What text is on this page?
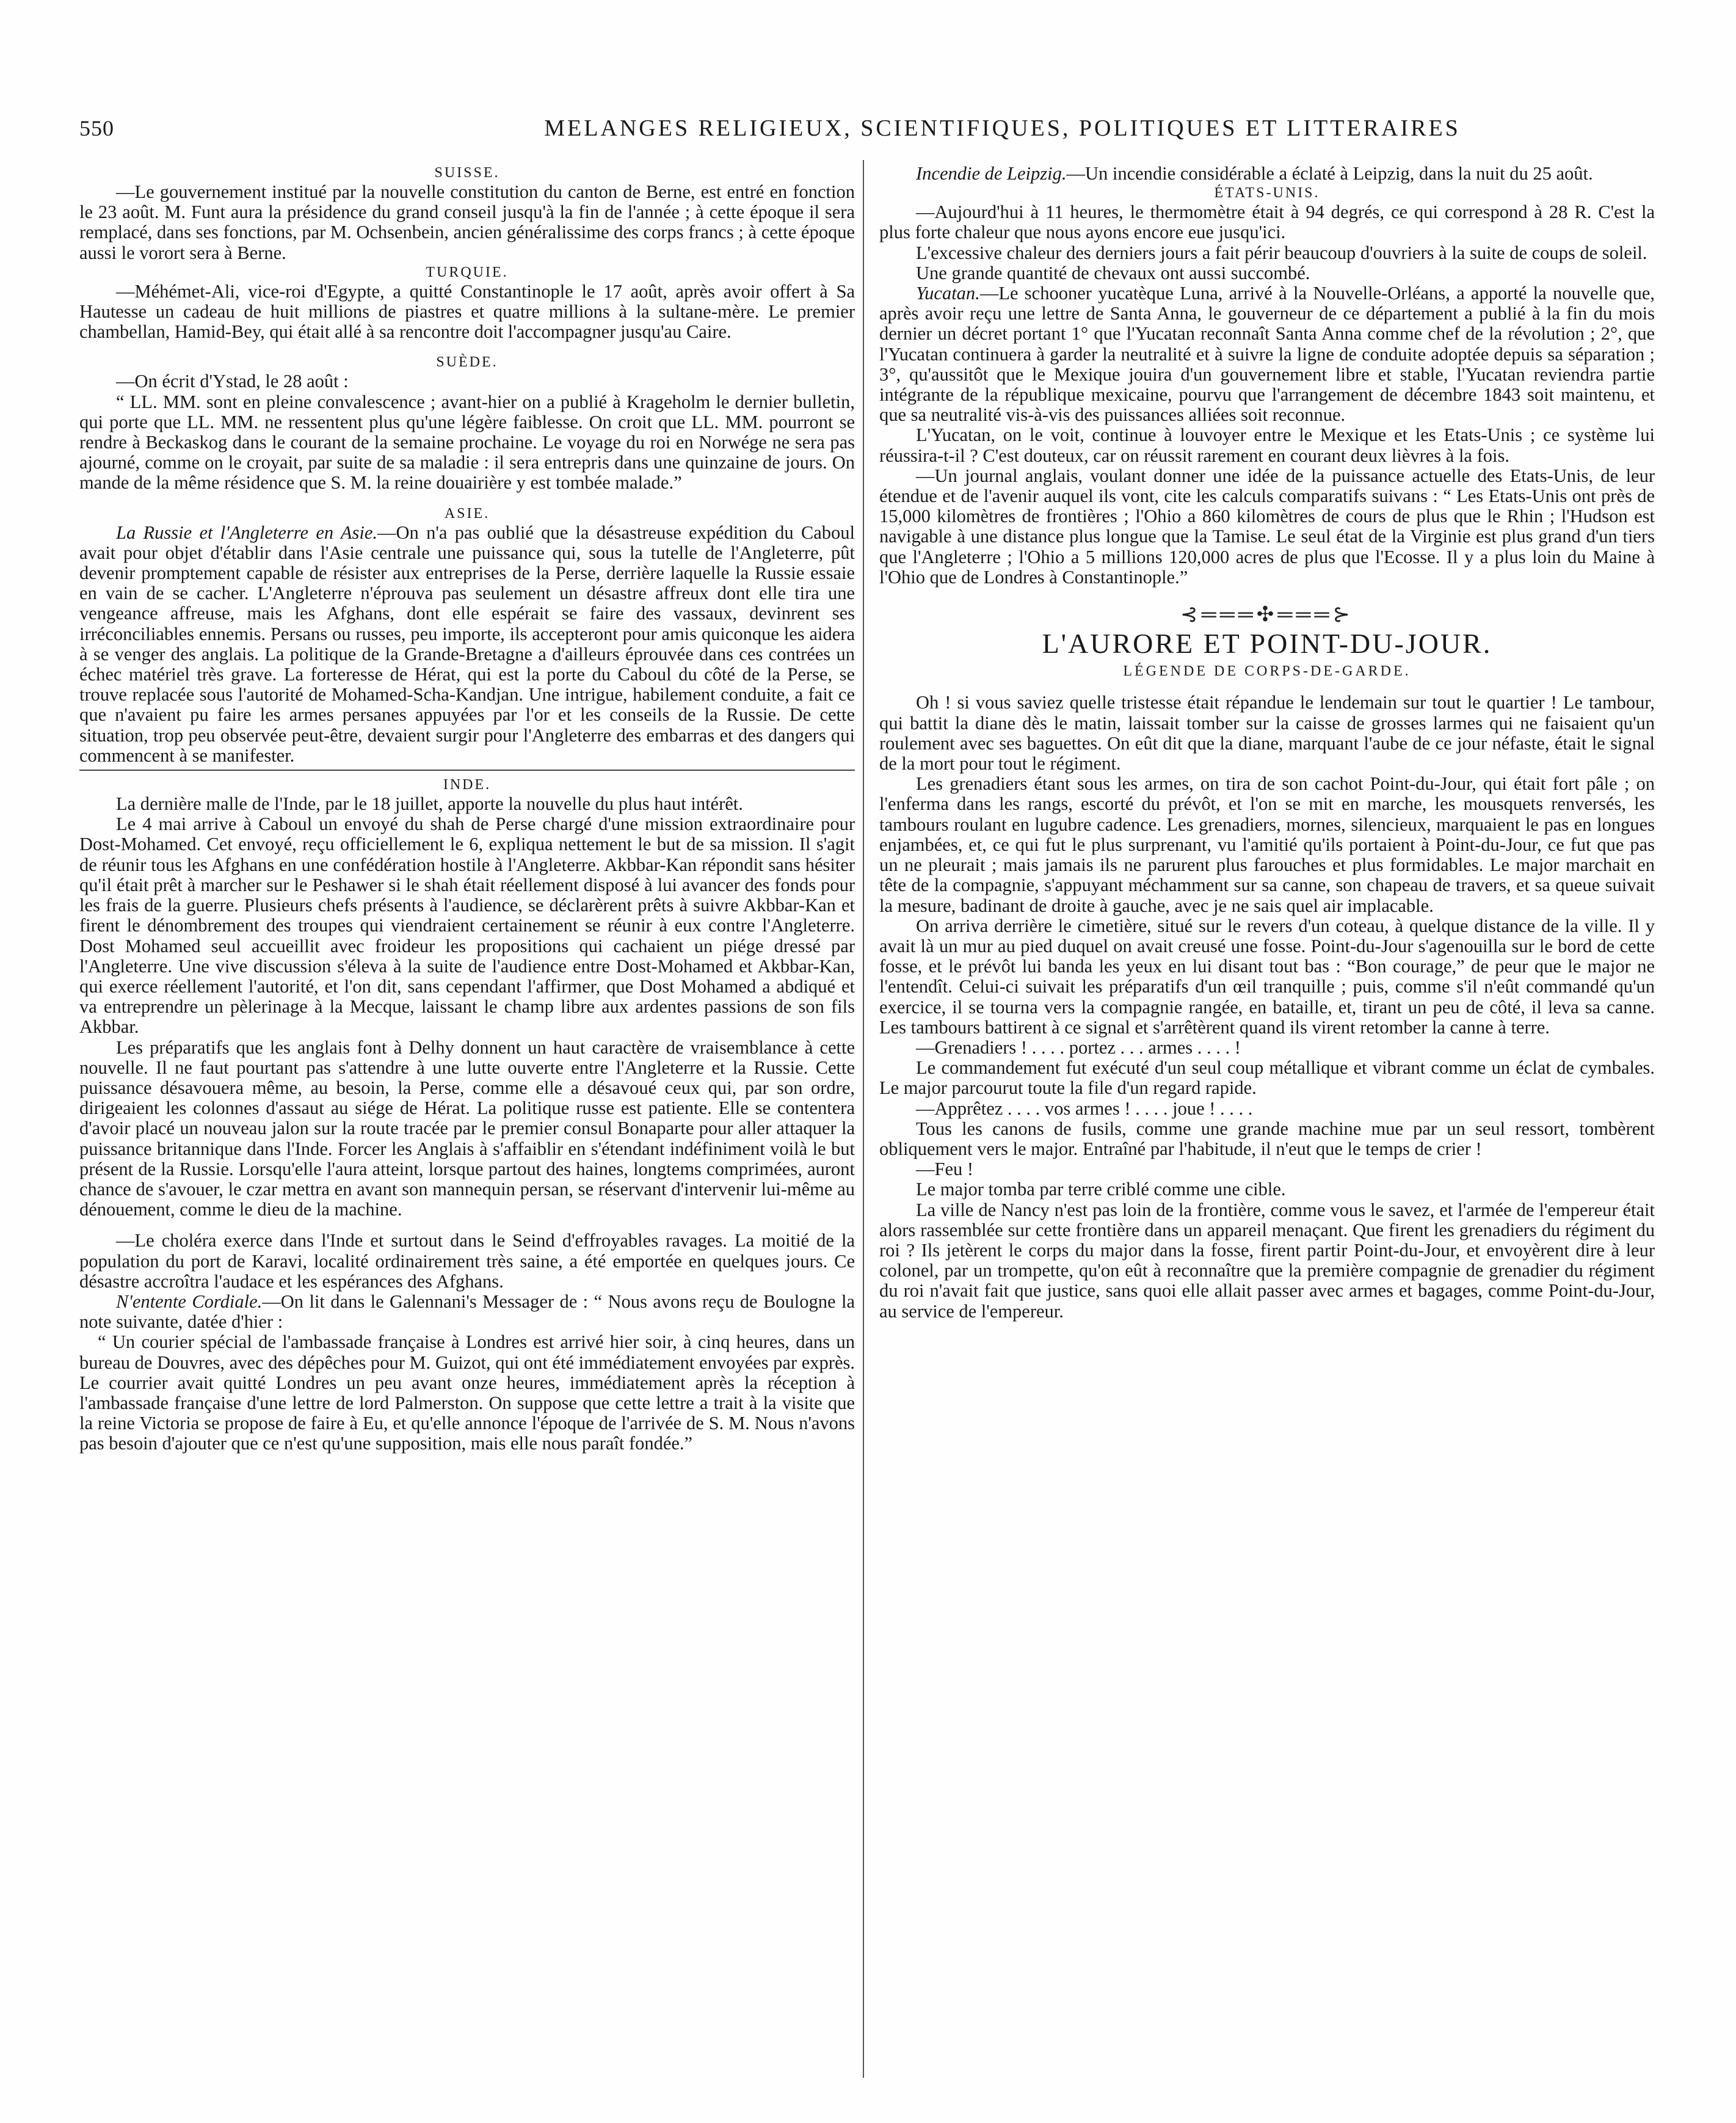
550	MELANGES RELIGIEUX, SCIENTIFIQUES, POLITIQUES ET LITTERAIRES

SUISSE.

—Le gouvernement institué par la nouvelle constitution du canton de Berne, est entré en fonction le 23 août. M. Funt aura la présidence du grand conseil jusqu'à la fin de l'année ; à cette époque il sera remplacé, dans ses fonctions, par M. Ochsenbein, ancien généralissime des corps francs ; à cette époque aussi le vorort sera à Berne.

TURQUIE.

—Méhémet-Ali, vice-roi d'Egypte, a quitté Constantinople le 17 août, après avoir offert à Sa Hautesse un cadeau de huit millions de piastres et quatre millions à la sultane-mère. Le premier chambellan, Hamid-Bey, qui était allé à sa rencontre doit l'accompagner jusqu'au Caire.

SUÈDE.

—On écrit d'Ystad, le 28 août :

“ LL. MM. sont en pleine convalescence ; avant-hier on a publié à Krageholm le dernier bulletin, qui porte que LL. MM. ne ressentent plus qu'une légère faiblesse. On croit que LL. MM. pourront se rendre à Beckaskog dans le courant de la semaine prochaine. Le voyage du roi en Norwége ne sera pas ajourné, comme on le croyait, par suite de sa maladie : il sera entrepris dans une quinzaine de jours. On mande de la même résidence que S. M. la reine douairière y est tombée malade.”

ASIE.

La Russie et l'Angleterre en Asie.—On n'a pas oublié que la désastreuse expédition du Caboul avait pour objet d'établir dans l'Asie centrale une puissance qui, sous la tutelle de l'Angleterre, pût devenir promptement capable de résister aux entreprises de la Perse, derrière laquelle la Russie essaie en vain de se cacher. L'Angleterre n'éprouva pas seulement un désastre affreux dont elle tira une vengeance affreuse, mais les Afghans, dont elle espérait se faire des vassaux, devinrent ses irréconciliables ennemis. Persans ou russes, peu importe, ils accepteront pour amis quiconque les aidera à se venger des anglais. La politique de la Grande-Bretagne a d'ailleurs éprouvée dans ces contrées un échec matériel très grave. La forteresse de Hérat, qui est la porte du Caboul du côté de la Perse, se trouve replacée sous l'autorité de Mohamed-Scha-Kandjan. Une intrigue, habilement conduite, a fait ce que n'avaient pu faire les armes persanes appuyées par l'or et les conseils de la Russie. De cette situation, trop peu observée peut-être, devaient surgir pour l'Angleterre des embarras et des dangers qui commencent à se manifester.

INDE.

La dernière malle de l'Inde, par le 18 juillet, apporte la nouvelle du plus haut intérêt.

Le 4 mai arrive à Caboul un envoyé du shah de Perse chargé d'une mission extraordinaire pour Dost-Mohamed. Cet envoyé, reçu officiellement le 6, expliqua nettement le but de sa mission. Il s'agit de réunir tous les Afghans en une confédération hostile à l'Angleterre. Akbbar-Kan répondit sans hésiter qu'il était prêt à marcher sur le Peshawer si le shah était réellement disposé à lui avancer des fonds pour les frais de la guerre. Plusieurs chefs présents à l'audience, se déclarèrent prêts à suivre Akbbar-Kan et firent le dénombrement des troupes qui viendraient certainement se réunir à eux contre l'Angleterre. Dost Mohamed seul accueillit avec froideur les propositions qui cachaient un piége dressé par l'Angleterre. Une vive discussion s'éleva à la suite de l'audience entre Dost-Mohamed et Akbbar-Kan, qui exerce réellement l'autorité, et l'on dit, sans cependant l'affirmer, que Dost Mohamed a abdiqué et va entreprendre un pèlerinage à la Mecque, laissant le champ libre aux ardentes passions de son fils Akbbar.

Les préparatifs que les anglais font à Delhy donnent un haut caractère de vraisemblance à cette nouvelle. Il ne faut pourtant pas s'attendre à une lutte ouverte entre l'Angleterre et la Russie. Cette puissance désavouera même, au besoin, la Perse, comme elle a désavoué ceux qui, par son ordre, dirigeaient les colonnes d'assaut au siége de Hérat. La politique russe est patiente. Elle se contentera d'avoir placé un nouveau jalon sur la route tracée par le premier consul Bonaparte pour aller attaquer la puissance britannique dans l'Inde. Forcer les Anglais à s'affaiblir en s'étendant indéfiniment voilà le but présent de la Russie. Lorsqu'elle l'aura atteint, lorsque partout des haines, longtems comprimées, auront chance de s'avouer, le czar mettra en avant son mannequin persan, se réservant d'intervenir lui-même au dénouement, comme le dieu de la machine.

—Le choléra exerce dans l'Inde et surtout dans le Seind d'effroyables ravages. La moitié de la population du port de Karavi, localité ordinairement très saine, a été emportée en quelques jours. Ce désastre accroîtra l'audace et les espérances des Afghans.

N'entente Cordiale.—On lit dans le Galennani's Messager de : “ Nous avons reçu de Boulogne la note suivante, datée d'hier :

“ Un courier spécial de l'ambassade française à Londres est arrivé hier soir, à cinq heures, dans un bureau de Douvres, avec des dépêches pour M. Guizot, qui ont été immédiatement envoyées par exprès. Le courrier avait quitté Londres un peu avant onze heures, immédiatement après la réception à l'ambassade française d'une lettre de lord Palmerston. On suppose que cette lettre a trait à la visite que la reine Victoria se propose de faire à Eu, et qu'elle annonce l'époque de l'arrivée de S. M. Nous n'avons pas besoin d'ajouter que ce n'est qu'une supposition, mais elle nous paraît fondée.”

Incendie de Leipzig.—Un incendie considérable a éclaté à Leipzig, dans la nuit du 25 août.

ÉTATS-UNIS.

—Aujourd'hui à 11 heures, le thermomètre était à 94 degrés, ce qui correspond à 28 R. C'est la plus forte chaleur que nous ayons encore eue jusqu'ici.

L'excessive chaleur des derniers jours a fait périr beaucoup d'ouvriers à la suite de coups de soleil.

Une grande quantité de chevaux ont aussi succombé.

Yucatan.—Le schooner yucatèque Luna, arrivé à la Nouvelle-Orléans, a apporté la nouvelle que, après avoir reçu une lettre de Santa Anna, le gouverneur de ce département a publié à la fin du mois dernier un décret portant 1° que l'Yucatan reconnaît Santa Anna comme chef de la révolution ; 2°, que l'Yucatan continuera à garder la neutralité et à suivre la ligne de conduite adoptée depuis sa séparation ; 3°, qu'aussitôt que le Mexique jouira d'un gouvernement libre et stable, l'Yucatan reviendra partie intégrante de la république mexicaine, pourvu que l'arrangement de décembre 1843 soit maintenu, et que sa neutralité vis-à-vis des puissances alliées soit reconnue.

L'Yucatan, on le voit, continue à louvoyer entre le Mexique et les Etats-Unis ; ce système lui réussira-t-il ? C'est douteux, car on réussit rarement en courant deux lièvres à la fois.

—Un journal anglais, voulant donner une idée de la puissance actuelle des Etats-Unis, de leur étendue et de l'avenir auquel ils vont, cite les calculs comparatifs suivans : “ Les Etats-Unis ont près de 15,000 kilomètres de frontières ; l'Ohio a 860 kilomètres de cours de plus que le Rhin ; l'Hudson est navigable à une distance plus longue que la Tamise. Le seul état de la Virginie est plus grand d'un tiers que l'Angleterre ; l'Ohio a 5 millions 120,000 acres de plus que l'Ecosse. Il y a plus loin du Maine à l'Ohio que de Londres à Constantinople.”

⊰═══✣═══⊱
L'AURORE ET POINT-DU-JOUR.
LÉGENDE DE CORPS-DE-GARDE.

Oh ! si vous saviez quelle tristesse était répandue le lendemain sur tout le quartier ! Le tambour, qui battit la diane dès le matin, laissait tomber sur la caisse de grosses larmes qui ne faisaient qu'un roulement avec ses baguettes. On eût dit que la diane, marquant l'aube de ce jour néfaste, était le signal de la mort pour tout le régiment.

Les grenadiers étant sous les armes, on tira de son cachot Point-du-Jour, qui était fort pâle ; on l'enferma dans les rangs, escorté du prévôt, et l'on se mit en marche, les mousquets renversés, les tambours roulant en lugubre cadence. Les grenadiers, mornes, silencieux, marquaient le pas en longues enjambées, et, ce qui fut le plus surprenant, vu l'amitié qu'ils portaient à Point-du-Jour, ce fut que pas un ne pleurait ; mais jamais ils ne parurent plus farouches et plus formidables. Le major marchait en tête de la compagnie, s'appuyant méchamment sur sa canne, son chapeau de travers, et sa queue suivait la mesure, badinant de droite à gauche, avec je ne sais quel air implacable.

On arriva derrière le cimetière, situé sur le revers d'un coteau, à quelque distance de la ville. Il y avait là un mur au pied duquel on avait creusé une fosse. Point-du-Jour s'agenouilla sur le bord de cette fosse, et le prévôt lui banda les yeux en lui disant tout bas : “Bon courage,” de peur que le major ne l'entendît. Celui-ci suivait les préparatifs d'un œil tranquille ; puis, comme s'il n'eût commandé qu'un exercice, il se tourna vers la compagnie rangée, en bataille, et, tirant un peu de côté, il leva sa canne. Les tambours battirent à ce signal et s'arrêtèrent quand ils virent retomber la canne à terre.

—Grenadiers ! . . . . portez . . . armes . . . . !

Le commandement fut exécuté d'un seul coup métallique et vibrant comme un éclat de cymbales. Le major parcourut toute la file d'un regard rapide.

—Apprêtez . . . . vos armes ! . . . . joue ! . . . .

Tous les canons de fusils, comme une grande machine mue par un seul ressort, tombèrent obliquement vers le major. Entraîné par l'habitude, il n'eut que le temps de crier !

—Feu !

Le major tomba par terre criblé comme une cible.

La ville de Nancy n'est pas loin de la frontière, comme vous le savez, et l'armée de l'empereur était alors rassemblée sur cette frontière dans un appareil menaçant. Que firent les grenadiers du régiment du roi ? Ils jetèrent le corps du major dans la fosse, firent partir Point-du-Jour, et envoyèrent dire à leur colonel, par un trompette, qu'on eût à reconnaître que la première compagnie de grenadier du régiment du roi n'avait fait que justice, sans quoi elle allait passer avec armes et bagages, comme Point-du-Jour, au service de l'empereur.
